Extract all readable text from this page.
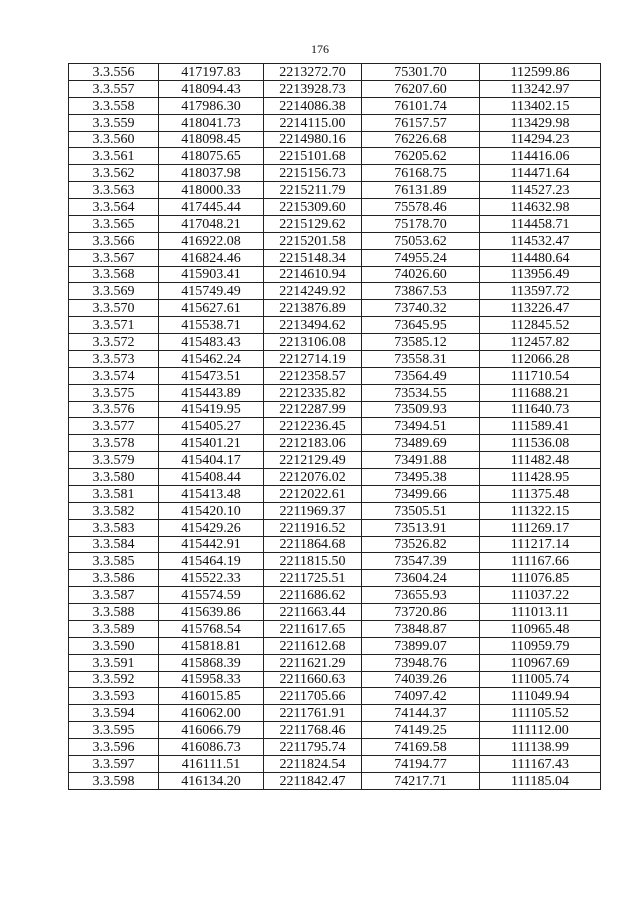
176
3.3.556	417197.83	2213272.70	75301.70	112599.86
3.3.557	418094.43	2213928.73	76207.60	113242.97
3.3.558	417986.30	2214086.38	76101.74	113402.15
3.3.559	418041.73	2214115.00	76157.57	113429.98
3.3.560	418098.45	2214980.16	76226.68	114294.23
3.3.561	418075.65	2215101.68	76205.62	114416.06
3.3.562	418037.98	2215156.73	76168.75	114471.64
3.3.563	418000.33	2215211.79	76131.89	114527.23
3.3.564	417445.44	2215309.60	75578.46	114632.98
3.3.565	417048.21	2215129.62	75178.70	114458.71
3.3.566	416922.08	2215201.58	75053.62	114532.47
3.3.567	416824.46	2215148.34	74955.24	114480.64
3.3.568	415903.41	2214610.94	74026.60	113956.49
3.3.569	415749.49	2214249.92	73867.53	113597.72
3.3.570	415627.61	2213876.89	73740.32	113226.47
3.3.571	415538.71	2213494.62	73645.95	112845.52
3.3.572	415483.43	2213106.08	73585.12	112457.82
3.3.573	415462.24	2212714.19	73558.31	112066.28
3.3.574	415473.51	2212358.57	73564.49	111710.54
3.3.575	415443.89	2212335.82	73534.55	111688.21
3.3.576	415419.95	2212287.99	73509.93	111640.73
3.3.577	415405.27	2212236.45	73494.51	111589.41
3.3.578	415401.21	2212183.06	73489.69	111536.08
3.3.579	415404.17	2212129.49	73491.88	111482.48
3.3.580	415408.44	2212076.02	73495.38	111428.95
3.3.581	415413.48	2212022.61	73499.66	111375.48
3.3.582	415420.10	2211969.37	73505.51	111322.15
3.3.583	415429.26	2211916.52	73513.91	111269.17
3.3.584	415442.91	2211864.68	73526.82	111217.14
3.3.585	415464.19	2211815.50	73547.39	111167.66
3.3.586	415522.33	2211725.51	73604.24	111076.85
3.3.587	415574.59	2211686.62	73655.93	111037.22
3.3.588	415639.86	2211663.44	73720.86	111013.11
3.3.589	415768.54	2211617.65	73848.87	110965.48
3.3.590	415818.81	2211612.68	73899.07	110959.79
3.3.591	415868.39	2211621.29	73948.76	110967.69
3.3.592	415958.33	2211660.63	74039.26	111005.74
3.3.593	416015.85	2211705.66	74097.42	111049.94
3.3.594	416062.00	2211761.91	74144.37	111105.52
3.3.595	416066.79	2211768.46	74149.25	111112.00
3.3.596	416086.73	2211795.74	74169.58	111138.99
3.3.597	416111.51	2211824.54	74194.77	111167.43
3.3.598	416134.20	2211842.47	74217.71	111185.04
